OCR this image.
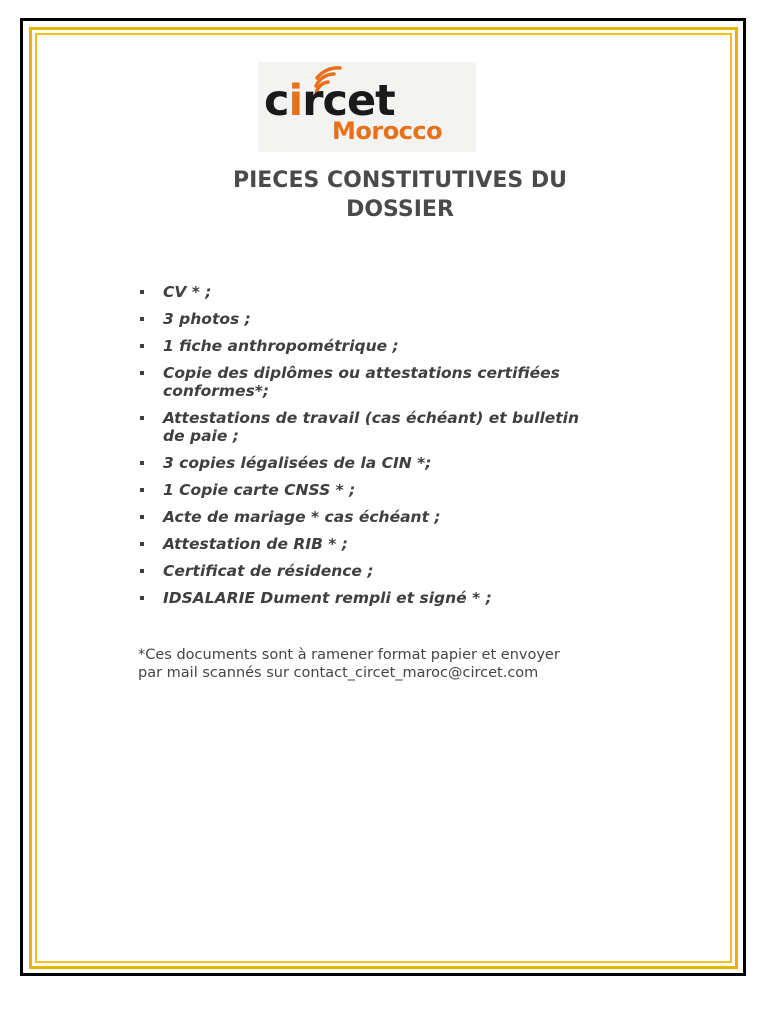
circet
Morocco
PIECES CONSTITUTIVES DU
DOSSIER
CV * ;
3 photos ;
1 fiche anthropométrique ;
Copie des diplômes ou attestations certifiées
conformes*;
Attestations de travail (cas échéant) et bulletin
de paie ;
3 copies légalisées de la CIN *;
1 Copie carte CNSS * ;
Acte de mariage * cas échéant ;
Attestation de RIB * ;
Certificat de résidence ;
IDSALARIE Dument rempli et signé * ;

*Ces documents sont à ramener format papier et envoyer
par mail scannés sur contact_circet_maroc@circet.com
